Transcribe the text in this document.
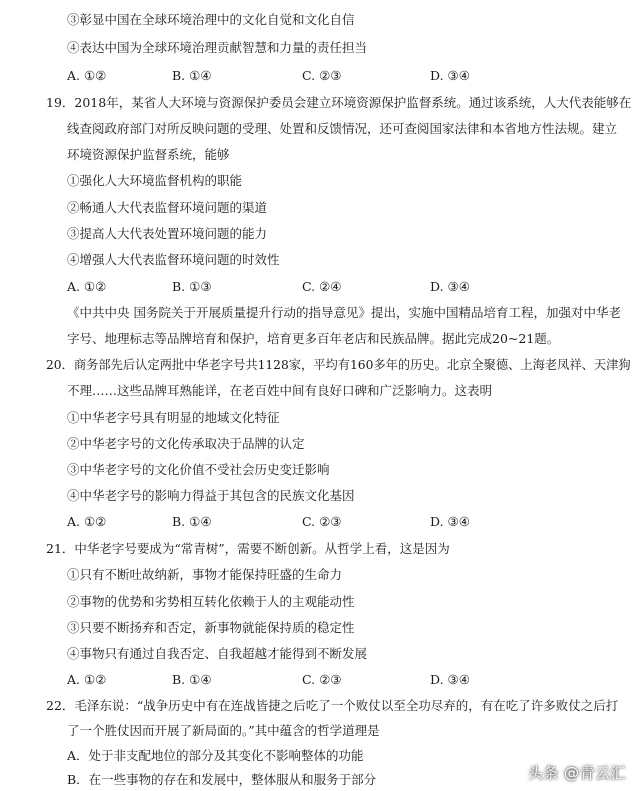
③彰显中国在全球环境治理中的文化自觉和文化自信
④表达中国为全球环境治理贡献智慧和力量的责任担当
A. ①②	B. ①④	C. ②③	D. ③④
19．2018年，某省人大环境与资源保护委员会建立环境资源保护监督系统。通过该系统，人大代表能够在
线查阅政府部门对所反映问题的受理、处置和反馈情况，还可查阅国家法律和本省地方性法规。建立
环境资源保护监督系统，能够
①强化人大环境监督机构的职能
②畅通人大代表监督环境问题的渠道
③提高人大代表处置环境问题的能力
④增强人大代表监督环境问题的时效性
A. ①②	B. ①③	C. ②④	D. ③④
《中共中央 国务院关于开展质量提升行动的指导意见》提出，实施中国精品培育工程，加强对中华老
字号、地理标志等品牌培育和保护，培育更多百年老店和民族品牌。据此完成20~21题。
20．商务部先后认定两批中华老字号共1128家，平均有160多年的历史。北京全聚德、上海老凤祥、天津狗
不理……这些品牌耳熟能详，在老百姓中间有良好口碑和广泛影响力。这表明
①中华老字号具有明显的地域文化特征
②中华老字号的文化传承取决于品牌的认定
③中华老字号的文化价值不受社会历史变迁影响
④中华老字号的影响力得益于其包含的民族文化基因
A. ①②	B. ①④	C. ②③	D. ③④
21．中华老字号要成为“常青树”，需要不断创新。从哲学上看，这是因为
①只有不断吐故纳新，事物才能保持旺盛的生命力
②事物的优势和劣势相互转化依赖于人的主观能动性
③只要不断扬弃和否定，新事物就能保持质的稳定性
④事物只有通过自我否定、自我超越才能得到不断发展
A. ①②	B. ①④	C. ②③	D. ③④
22．毛泽东说：“战争历史中有在连战皆捷之后吃了一个败仗以至全功尽弃的，有在吃了许多败仗之后打
了一个胜仗因而开展了新局面的。”其中蕴含的哲学道理是
A．处于非支配地位的部分及其变化不影响整体的功能
B．在一些事物的存在和发展中，整体服从和服务于部分	头条 @青云汇
